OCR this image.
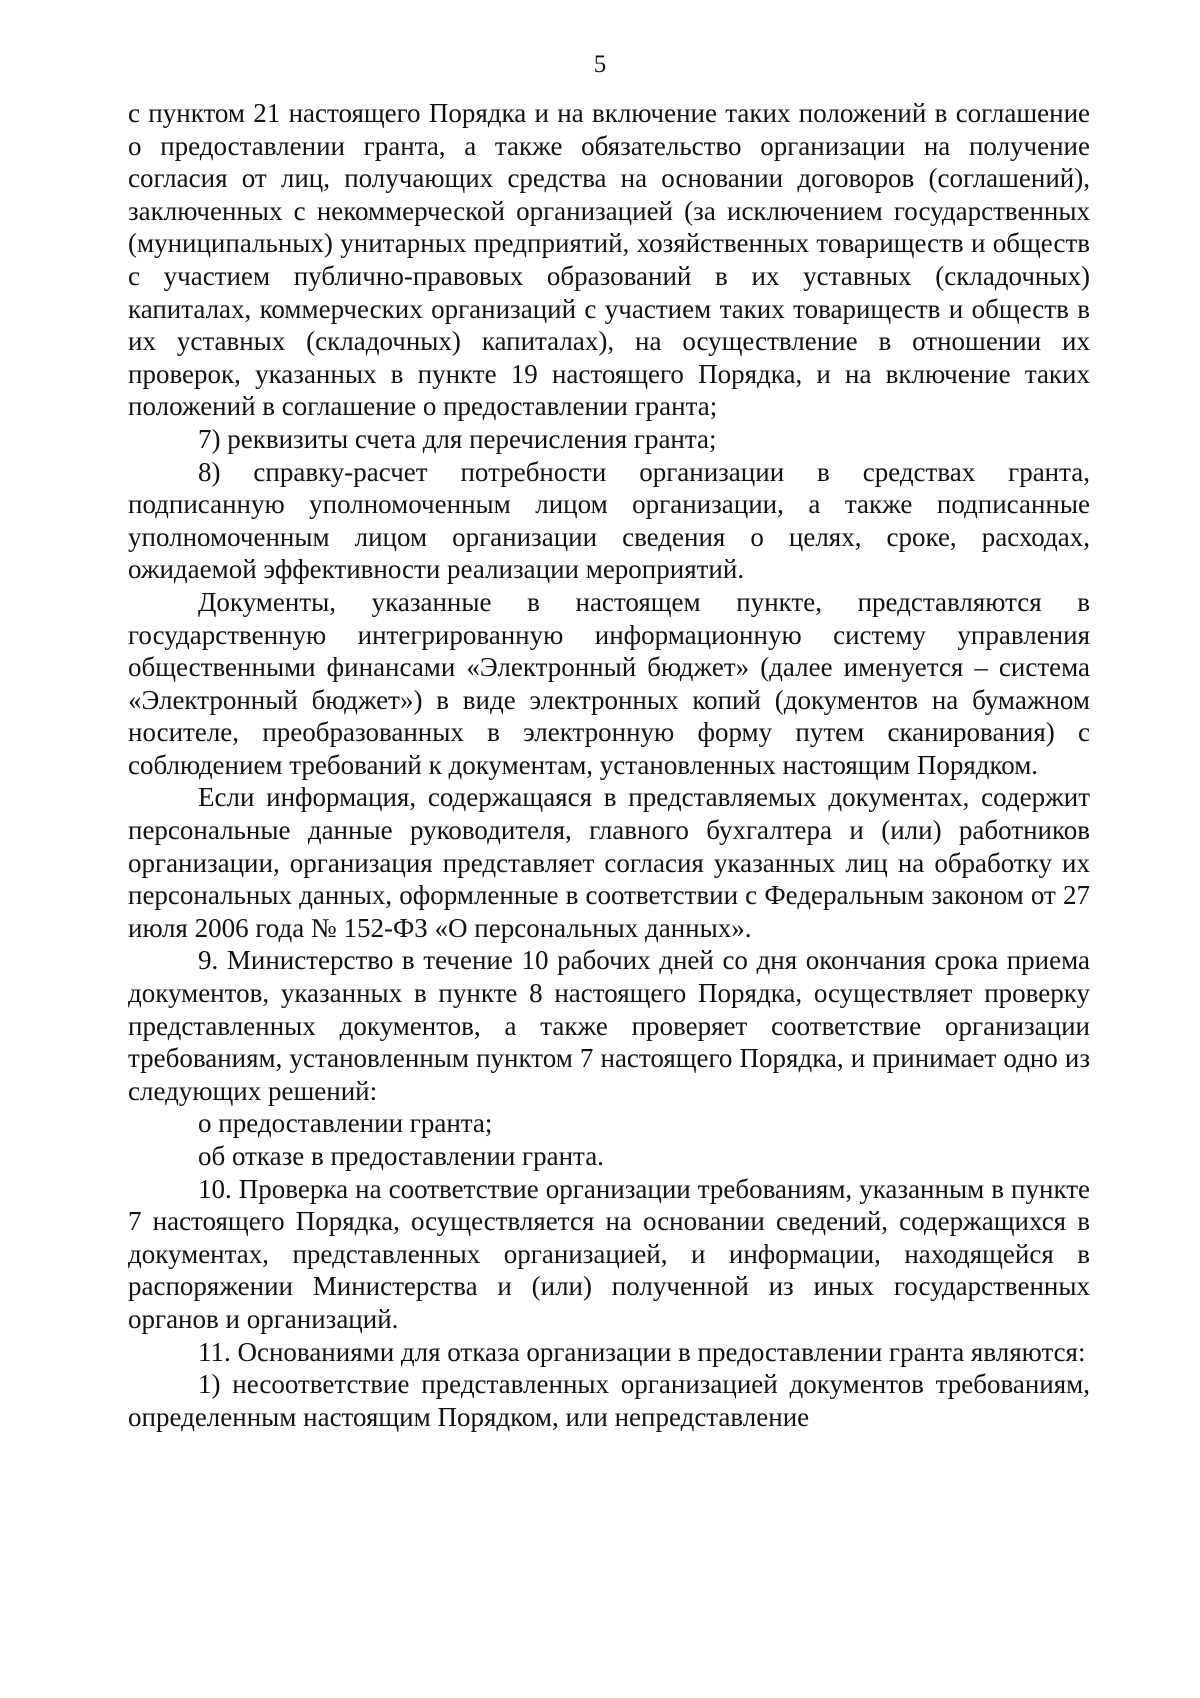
5

с пунктом 21 настоящего Порядка и на включение таких положений в соглашение о предоставлении гранта, а также обязательство организации на получение согласия от лиц, получающих средства на основании договоров (соглашений), заключенных с некоммерческой организацией (за исключением государственных (муниципальных) унитарных предприятий, хозяйственных товариществ и обществ с участием публично-правовых образований в их уставных (складочных) капиталах, коммерческих организаций с участием таких товариществ и обществ в их уставных (складочных) капиталах), на осуществление в отношении их проверок, указанных в пункте 19 настоящего Порядка, и на включение таких положений в соглашение о предоставлении гранта;

7) реквизиты счета для перечисления гранта;

8) справку-расчет потребности организации в средствах гранта, подписанную уполномоченным лицом организации, а также подписанные уполномоченным лицом организации сведения о целях, сроке, расходах, ожидаемой эффективности реализации мероприятий.

Документы, указанные в настоящем пункте, представляются в государственную интегрированную информационную систему управления общественными финансами «Электронный бюджет» (далее именуется – система «Электронный бюджет») в виде электронных копий (документов на бумажном носителе, преобразованных в электронную форму путем сканирования) с соблюдением требований к документам, установленных настоящим Порядком.

Если информация, содержащаяся в представляемых документах, содержит персональные данные руководителя, главного бухгалтера и (или) работников организации, организация представляет согласия указанных лиц на обработку их персональных данных, оформленные в соответствии с Федеральным законом от 27 июля 2006 года № 152-ФЗ «О персональных данных».

9. Министерство в течение 10 рабочих дней со дня окончания срока приема документов, указанных в пункте 8 настоящего Порядка, осуществляет проверку представленных документов, а также проверяет соответствие организации требованиям, установленным пунктом 7 настоящего Порядка, и принимает одно из следующих решений:

о предоставлении гранта;

об отказе в предоставлении гранта.

10. Проверка на соответствие организации требованиям, указанным в пункте 7 настоящего Порядка, осуществляется на основании сведений, содержащихся в документах, представленных организацией, и информации, находящейся в распоряжении Министерства и (или) полученной из иных государственных органов и организаций.

11. Основаниями для отказа организации в предоставлении гранта являются:

1) несоответствие представленных организацией документов требованиям, определенным настоящим Порядком, или непредставление
